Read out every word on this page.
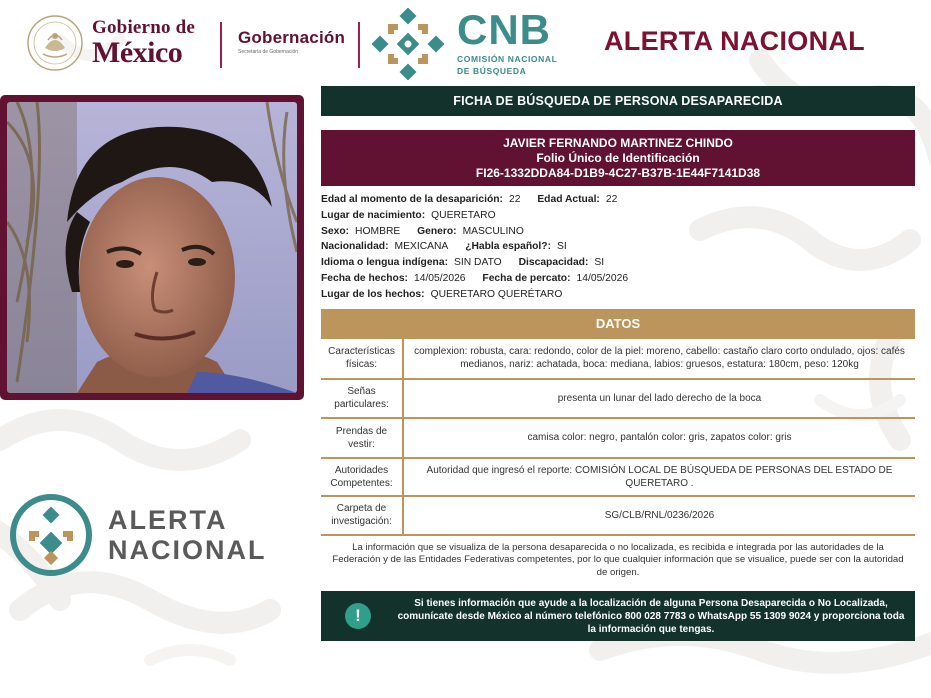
Gobierno de
México	Gobernación
Secretaría de Gobernación	CNB
COMISIÓN NACIONAL
DE BÚSQUEDA
ALERTA NACIONAL
ALERTA
NACIONAL
FICHA DE BÚSQUEDA DE PERSONA DESAPARECIDA
JAVIER FERNANDO MARTINEZ CHINDO
Folio Único de Identificación
FI26-1332DDA84-D1B9-4C27-B37B-1E44F7141D38
Edad al momento de la desaparición: 22 Edad Actual: 22
Lugar de nacimiento: QUERETARO
Sexo: HOMBRE Genero: MASCULINO
Nacionalidad: MEXICANA ¿Habla español?: SI
Idioma o lengua indígena: SIN DATO Discapacidad: SI
Fecha de hechos: 14/05/2026 Fecha de percato: 14/05/2026
Lugar de los hechos: QUERETARO QUERÉTARO
DATOS
Características físicas:	complexion: robusta, cara: redondo, color de la piel: moreno, cabello: castaño claro corto ondulado, ojos: cafés medianos, nariz: achatada, boca: mediana, labios: gruesos, estatura: 180cm, peso: 120kg
Señas particulares:	presenta un lunar del lado derecho de la boca
Prendas de vestir:	camisa color: negro, pantalón color: gris, zapatos color: gris
Autoridades Competentes:	Autoridad que ingresó el reporte: COMISIÓN LOCAL DE BÚSQUEDA DE PERSONAS DEL ESTADO DE QUERETARO .
Carpeta de investigación:	SG/CLB/RNL/0236/2026
La información que se visualiza de la persona desaparecida o no localizada, es recibida e integrada por las autoridades de la Federación y de las Entidades Federativas competentes, por lo que cualquier información que se visualice, puede ser con la autoridad de origen.
!
Si tienes información que ayude a la localización de alguna Persona Desaparecida o No Localizada, comunícate desde México al número telefónico 800 028 7783 o WhatsApp 55 1309 9024 y proporciona toda la información que tengas.
